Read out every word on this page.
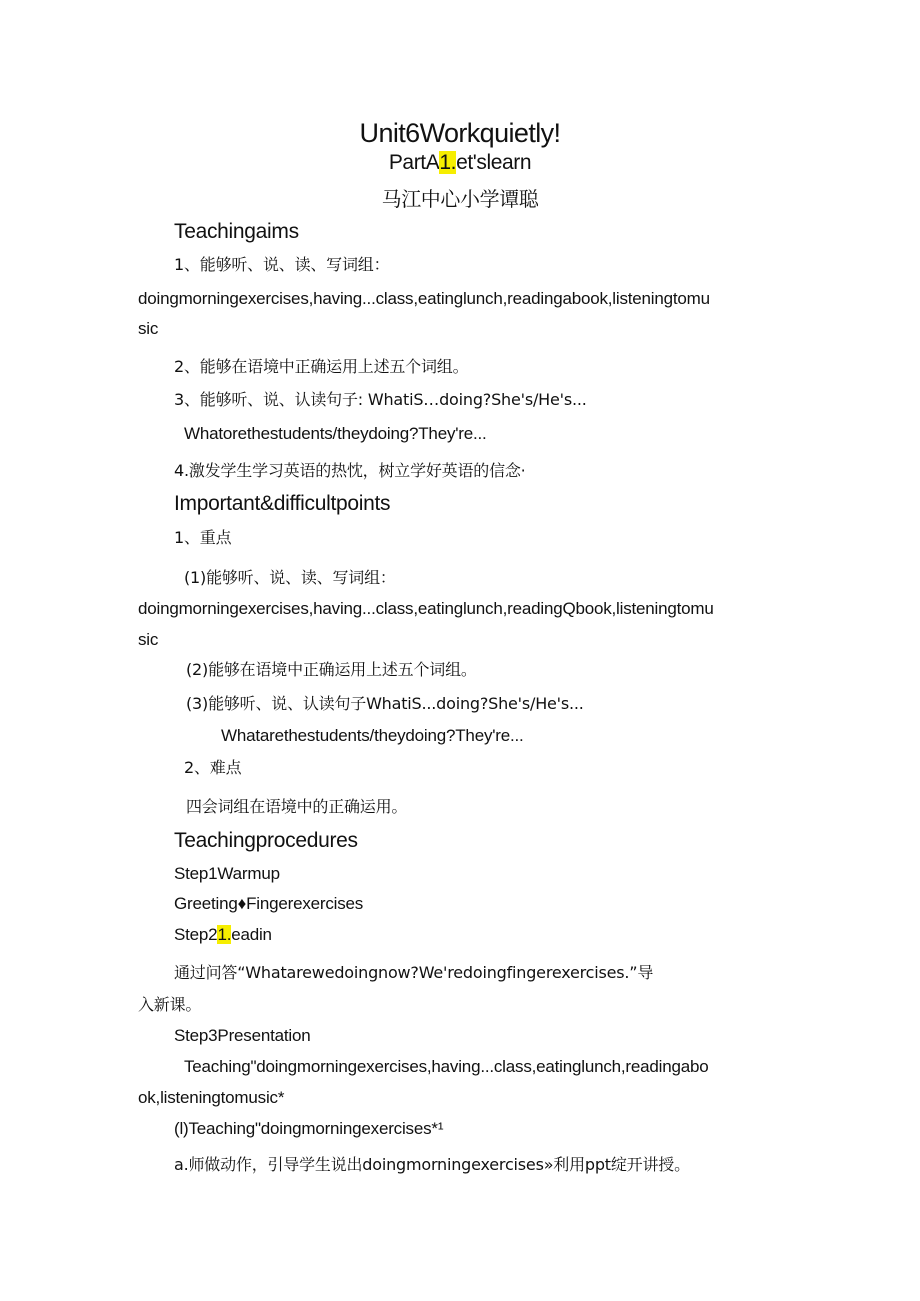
Unit6Workquietly!
PartA1.et'slearn
马江中心小学谭聪
Teachingaims
1、能够听、说、读、写词组：
doingmorningexercises,having...class,eatinglunch,readingabook,listeningtomu
sic
2、能够在语境中正确运用上述五个词组。
3、能够听、说、认读句子: WhatiS…doing?She's/He's...
Whatorethestudents/theydoing?They're...
4.激发学生学习英语的热忱，树立学好英语的信念·
Important&difficultpoints
1、重点
(1)能够听、说、读、写词组：
doingmorningexercises,having...class,eatinglunch,readingQbook,listeningtomu
sic
(2)能够在语境中正确运用上述五个词组。
(3)能够听、说、认读句子WhatiS...doing?She's/He's...
Whatarethestudents/theydoing?They're...
2、难点
四会词组在语境中的正确运用。
Teachingprocedures
Step1Warmup
Greeting♦Fingerexercises
Step21.eadin
通过问答“Whatarewedoingnow?We'redoingfingerexercises.”导
入新课。
Step3Presentation
Teaching"doingmorningexercises,having...class,eatinglunch,readingabo
ok,listeningtomusic*
(l)Teaching"doingmorningexercises*¹
a.师做动作，引导学生说出doingmorningexercises»利用ppt绽开讲授。
